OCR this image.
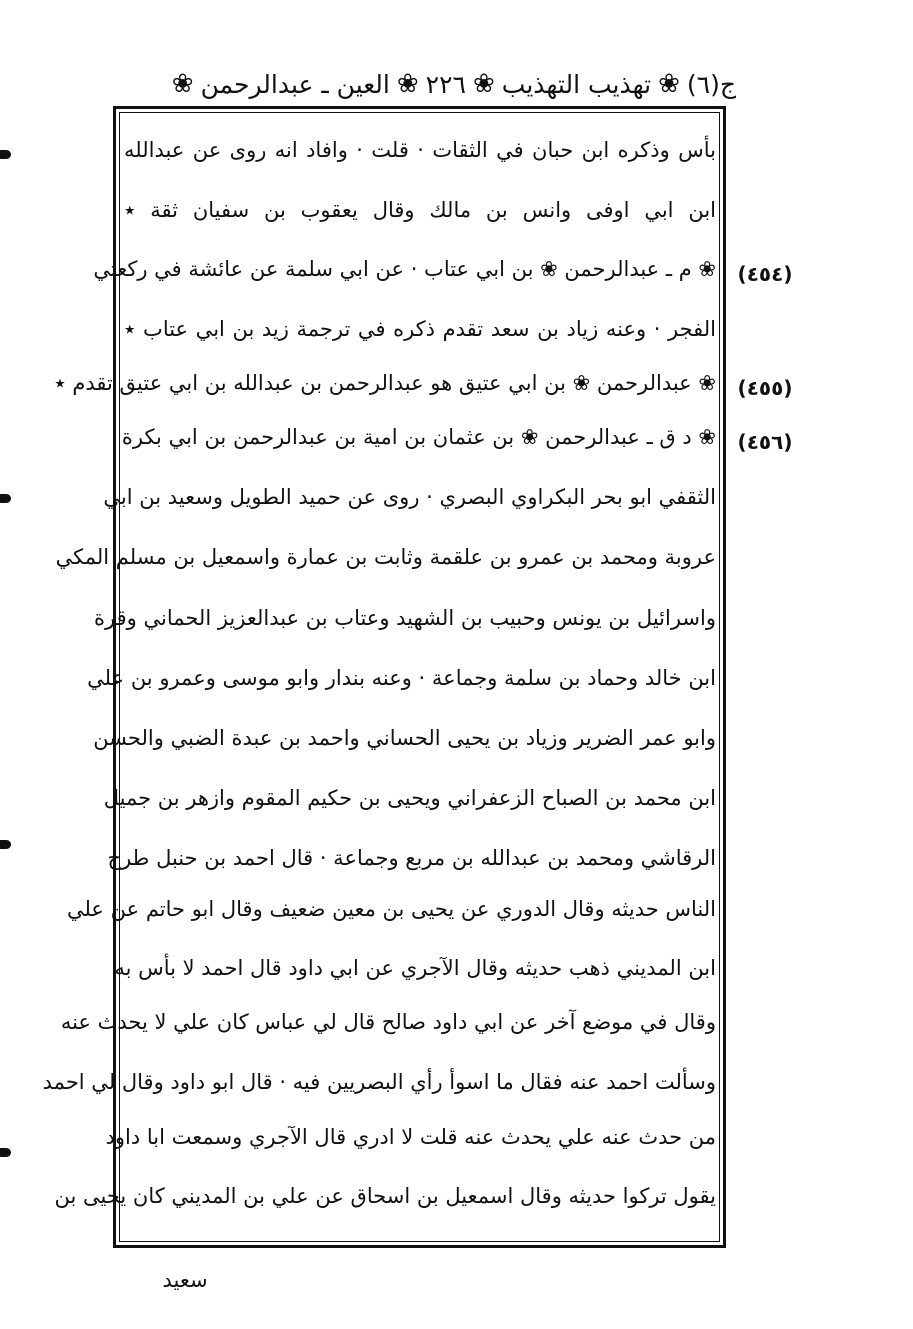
ج(٦)
❀
تهذيب التهذيب
❀
٢٢٦
❀
العين ـ عبدالرحمن
❀
بأس وذكره ابن حبان في الثقات · قلت · وافاد انه روى عن عبدالله
ابن ابي اوفى وانس بن مالك وقال يعقوب بن سفيان ثقة ٭
❀ م ـ عبدالرحمن ❀ بن ابي عتاب · عن ابي سلمة عن عائشة في ركعتي
الفجر · وعنه زياد بن سعد تقدم ذكره في ترجمة زيد بن ابي عتاب ٭
❀ عبدالرحمن ❀ بن ابي عتيق هو عبدالرحمن بن عبدالله بن ابي عتيق تقدم ٭
❀ د ق ـ عبدالرحمن ❀ بن عثمان بن امية بن عبدالرحمن بن ابي بكرة
الثقفي ابو بحر البكراوي البصري · روى عن حميد الطويل وسعيد بن ابي
عروبة ومحمد بن عمرو بن علقمة وثابت بن عمارة واسمعيل بن مسلم المكي
واسرائيل بن يونس وحبيب بن الشهيد وعتاب بن عبدالعزيز الحماني وقرة
ابن خالد وحماد بن سلمة وجماعة · وعنه بندار وابو موسى وعمرو بن علي
وابو عمر الضرير وزياد بن يحيى الحساني واحمد بن عبدة الضبي والحسن
ابن محمد بن الصباح الزعفراني ويحيى بن حكيم المقوم وازهر بن جميل
الرقاشي ومحمد بن عبدالله بن مربع وجماعة · قال احمد بن حنبل طرح
الناس حديثه وقال الدوري عن يحيى بن معين ضعيف وقال ابو حاتم عن علي
ابن المديني ذهب حديثه وقال الآجري عن ابي داود قال احمد لا بأس به
وقال في موضع آخر عن ابي داود صالح قال لي عباس كان علي لا يحدث عنه
وسألت احمد عنه فقال ما اسوأ رأي البصريين فيه · قال ابو داود وقال لي احمد
من حدث عنه علي يحدث عنه قلت لا ادري قال الآجري وسمعت ابا داود
يقول تركوا حديثه وقال اسمعيل بن اسحاق عن علي بن المديني كان يحيى بن
(٤٥٤)
(٤٥٥)
(٤٥٦)
سعيد
